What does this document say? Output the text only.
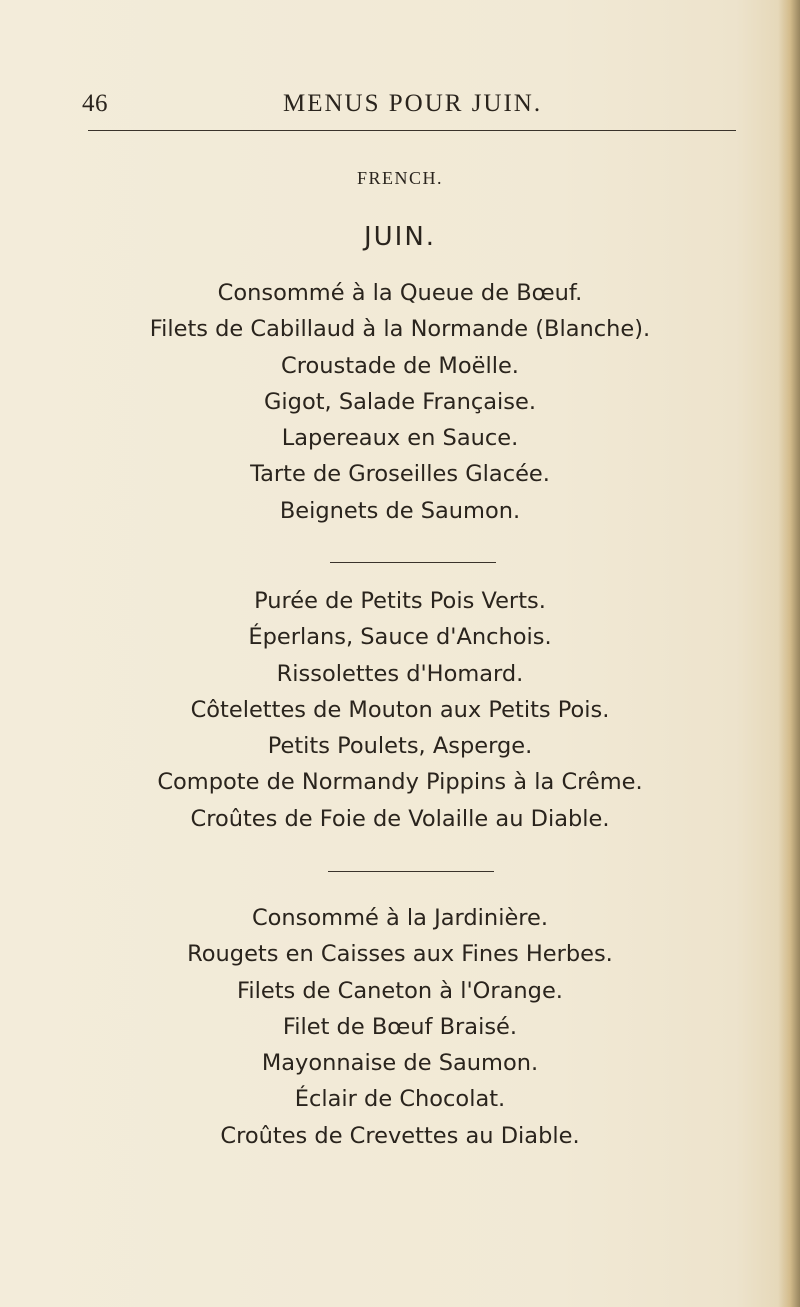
46	MENUS POUR JUIN.
FRENCH.
JUIN.
Consommé à la Queue de Bœuf.
Filets de Cabillaud à la Normande (Blanche).
Croustade de Moëlle.
Gigot, Salade Française.
Lapereaux en Sauce.
Tarte de Groseilles Glacée.
Beignets de Saumon.
Purée de Petits Pois Verts.
Éperlans, Sauce d'Anchois.
Rissolettes d'Homard.
Côtelettes de Mouton aux Petits Pois.
Petits Poulets, Asperge.
Compote de Normandy Pippins à la Crême.
Croûtes de Foie de Volaille au Diable.
Consommé à la Jardinière.
Rougets en Caisses aux Fines Herbes.
Filets de Caneton à l'Orange.
Filet de Bœuf Braisé.
Mayonnaise de Saumon.
Éclair de Chocolat.
Croûtes de Crevettes au Diable.
